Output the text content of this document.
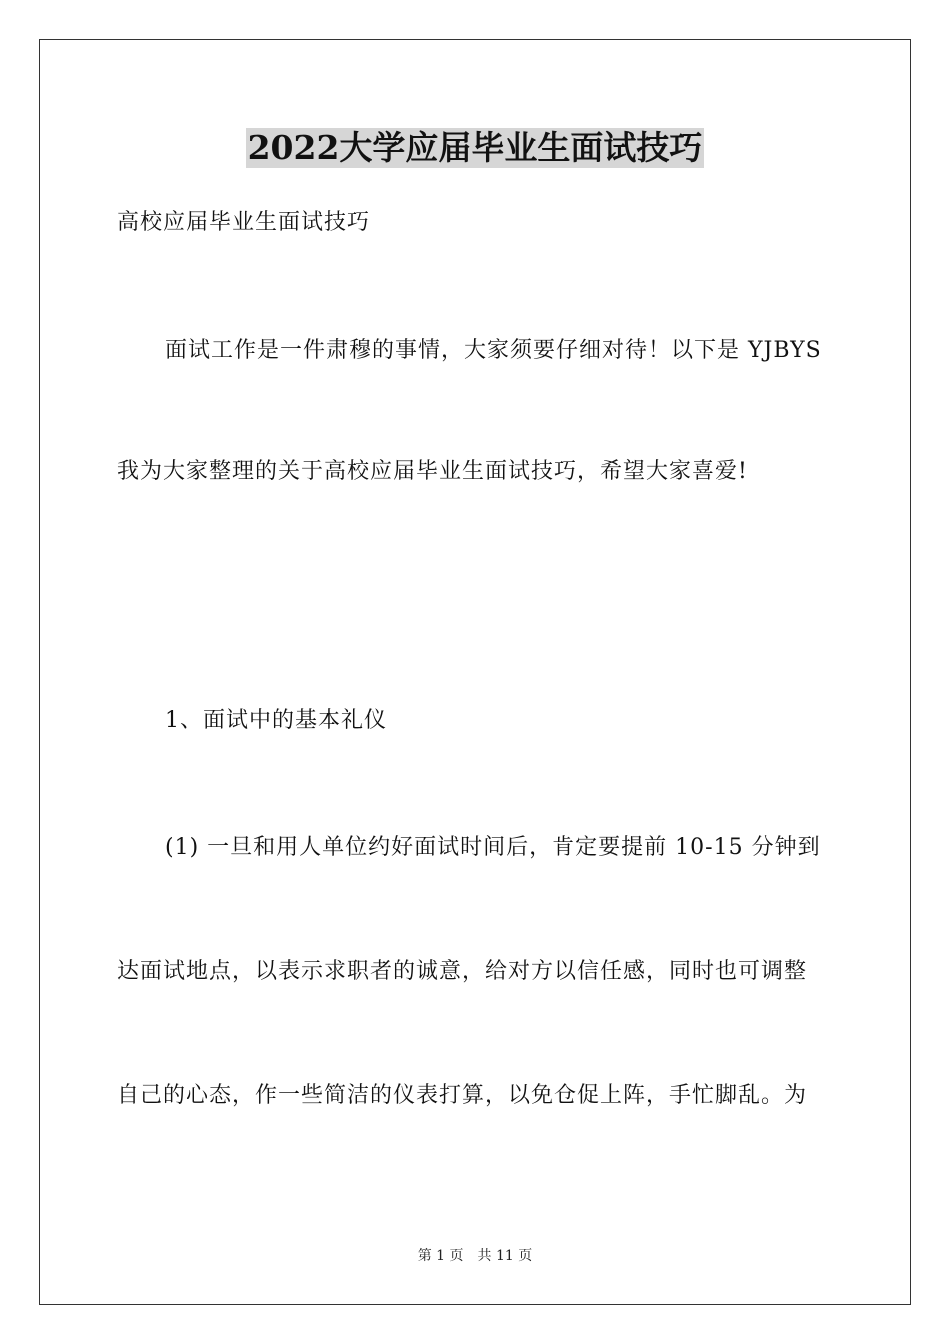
2022大学应届毕业生面试技巧
高校应届毕业生面试技巧
面试工作是一件肃穆的事情，大家须要仔细对待！以下是 YJBYS
我为大家整理的关于高校应届毕业生面试技巧，希望大家喜爱!
1、面试中的基本礼仪
(1) 一旦和用人单位约好面试时间后，肯定要提前 10-15 分钟到
达面试地点，以表示求职者的诚意，给对方以信任感，同时也可调整
自己的心态，作一些简洁的仪表打算，以免仓促上阵，手忙脚乱。为
第 1 页　共 11 页
